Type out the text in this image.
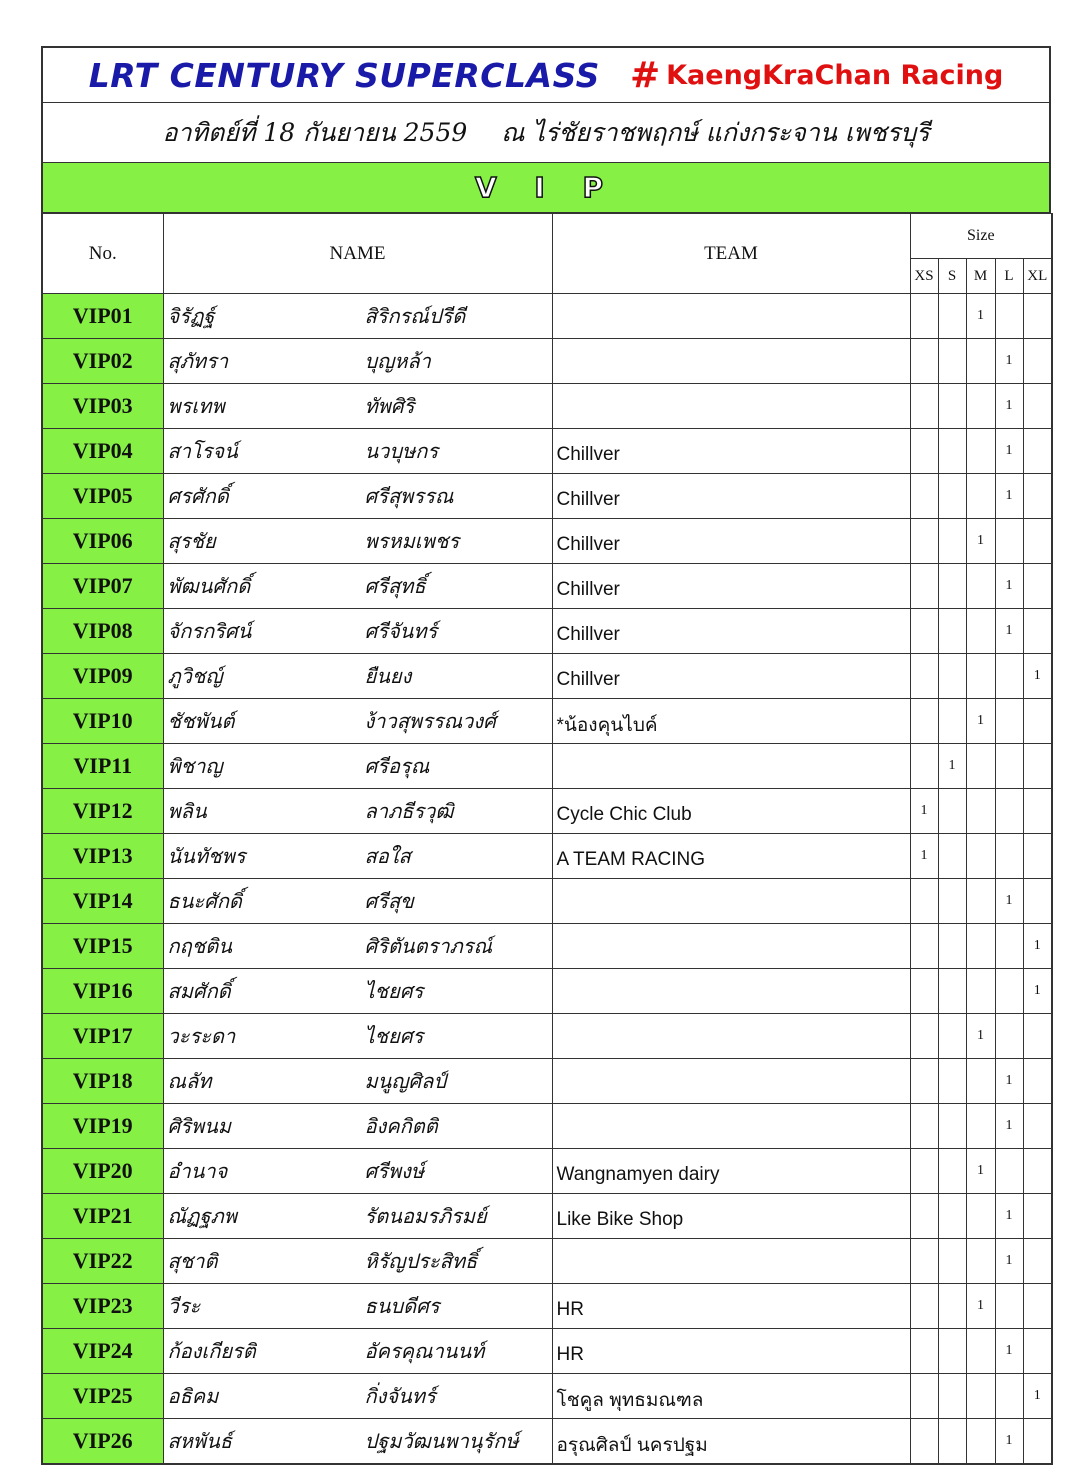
LRT CENTURY SUPERCLASS # KaengKraChan Racing
อาทิตย์ที่ 18 กันยายน 2559 ณ ไร่ชัยราชพฤกษ์ แก่งกระจาน เพชรบุรี
V I P
No.	NAME	TEAM	Size				
			XS	S	M	L	XL
VIP01	จิรัฏฐ์ สิริกรณ์ปรีดี				1		
VIP02	สุภัทรา บุญหล้า					1	
VIP03	พรเทพ ทัพศิริ					1	
VIP04	สาโรจน์ นวบุษกร	Chillver				1	
VIP05	ศรศักดิ์ ศรีสุพรรณ	Chillver				1	
VIP06	สุรชัย พรหมเพชร	Chillver			1		
VIP07	พัฒนศักดิ์ ศรีสุทธิ์	Chillver				1	
VIP08	จักรกริศน์ ศรีจันทร์	Chillver				1	
VIP09	ภูวิชญ์ ยืนยง	Chillver					1
VIP10	ชัชพันต์ ง้าวสุพรรณวงศ์	*น้องคุนไบค์			1		
VIP11	พิชาญ ศรีอรุณ			1			
VIP12	พลิน ลาภธีรวุฒิ	Cycle Chic Club	1				
VIP13	นันทัชพร สอใส	A TEAM RACING	1				
VIP14	ธนะศักดิ์ ศรีสุข					1	
VIP15	กฤชติน ศิริตันตราภรณ์						1
VIP16	สมศักดิ์ ไชยศร						1
VIP17	วะระดา ไชยศร				1		
VIP18	ณลัท มนูญศิลป์					1	
VIP19	ศิริพนม อิงคกิตติ					1	
VIP20	อำนาจ ศรีพงษ์	Wangnamyen dairy			1		
VIP21	ณัฏฐภพ รัตนอมรภิรมย์	Like Bike Shop				1	
VIP22	สุชาติ หิรัญประสิทธิ์					1	
VIP23	วีระ ธนบดีศร	HR			1		
VIP24	ก้องเกียรติ อัครคุณานนท์	HR				1	
VIP25	อธิคม กิ่งจันทร์	โชคูล พุทธมณฑล					1
VIP26	สหพันธ์ ปฐมวัฒนพานุรักษ์	อรุณศิลป์ นครปฐม				1	
